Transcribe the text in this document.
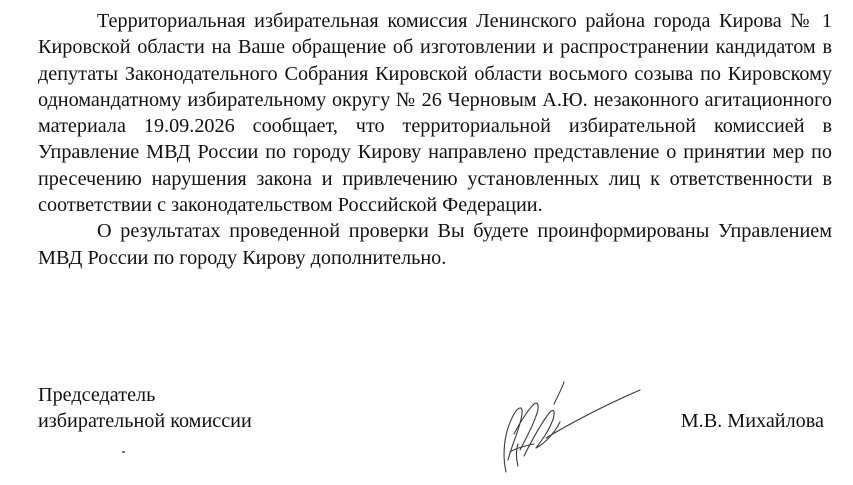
Территориальная избирательная комиссия Ленинского района города Кирова № 1 Кировской области на Ваше обращение об изготовлении и распространении кандидатом в депутаты Законодательного Собрания Кировской области восьмого созыва по Кировскому одномандатному избирательному округу № 26 Черновым А.Ю. незаконного агитационного материала 19.09.2026 сообщает, что территориальной избирательной комиссией в Управление МВД России по городу Кирову направлено представление о принятии мер по пресечению нарушения закона и привлечению установленных лиц к ответственности в соответствии с законодательством Российской Федерации.

О результатах проведенной проверки Вы будете проинформированы Управлением МВД России по городу Кирову дополнительно.

Председатель
избирательной комиссии	М.В. Михайлова
